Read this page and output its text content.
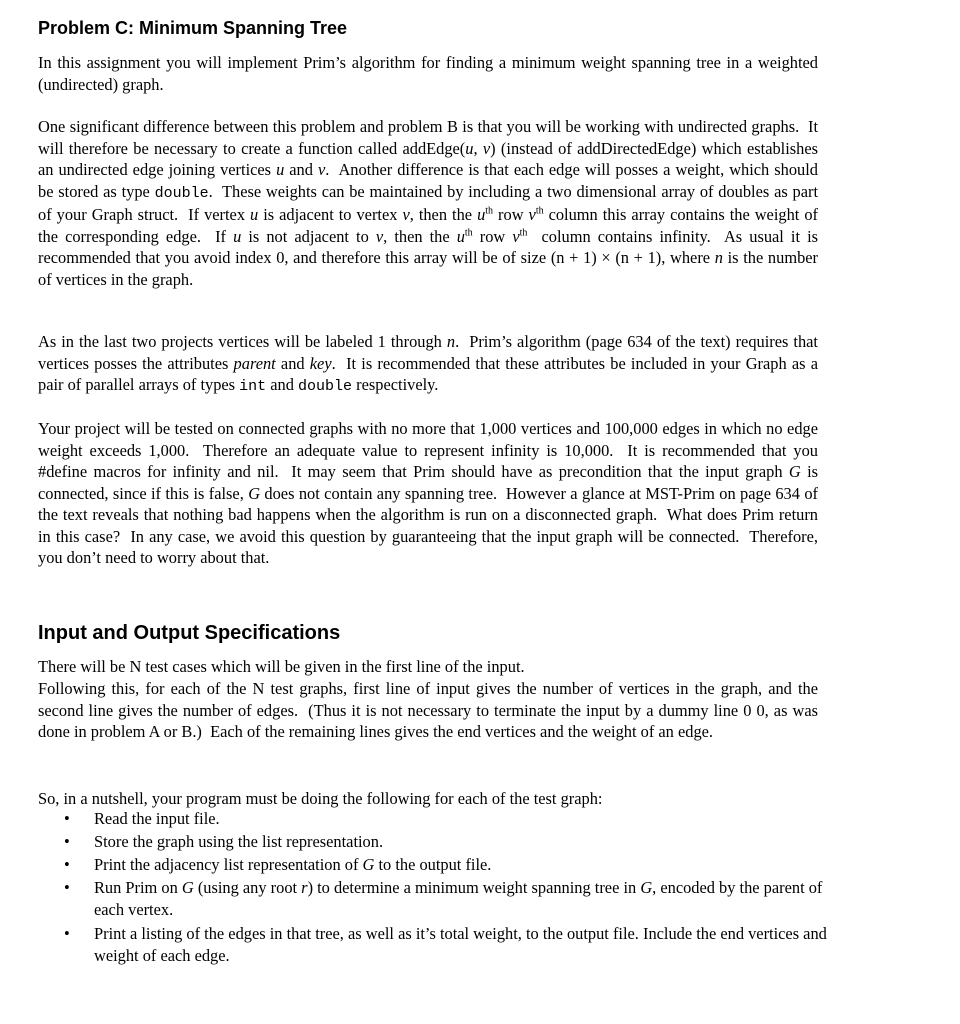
Problem C: Minimum Spanning Tree

In this assignment you will implement Prim’s algorithm for finding a minimum weight spanning tree in a weighted (undirected) graph.

One significant difference between this problem and problem B is that you will be working with undirected graphs.  It will therefore be necessary to create a function called addEdge(u, v) (instead of addDirectedEdge) which establishes an undirected edge joining vertices u and v.  Another difference is that each edge will posses a weight, which should be stored as type double.  These weights can be maintained by including a two dimensional array of doubles as part of your Graph struct.  If vertex u is adjacent to vertex v, then the $u^{th}$ row $v^{th}$ column this array contains the weight of the corresponding edge.  If u is not adjacent to v, then the $u^{th}$ row $v^{th}$  column contains infinity.  As usual it is recommended that you avoid index 0, and therefore this array will be of size (n + 1) × (n + 1), where n is the number of vertices in the graph.

As in the last two projects vertices will be labeled 1 through n.  Prim’s algorithm (page 634 of the text) requires that vertices posses the attributes parent and key.  It is recommended that these attributes be included in your Graph as a pair of parallel arrays of types int and double respectively.

Your project will be tested on connected graphs with no more that 1,000 vertices and 100,000 edges in which no edge weight exceeds 1,000.  Therefore an adequate value to represent infinity is 10,000.  It is recommended that you #define macros for infinity and nil.  It may seem that Prim should have as precondition that the input graph G is connected, since if this is false, G does not contain any spanning tree.  However a glance at MST-Prim on page 634 of the text reveals that nothing bad happens when the algorithm is run on a disconnected graph.  What does Prim return in this case?  In any case, we avoid this question by guaranteeing that the input graph will be connected.  Therefore, you don’t need to worry about that.

Input and Output Specifications

There will be N test cases which will be given in the first line of the input.

Following this, for each of the N test graphs, first line of input gives the number of vertices in the graph, and the second line gives the number of edges.  (Thus it is not necessary to terminate the input by a dummy line 0 0, as was done in problem A or B.)  Each of the remaining lines gives the end vertices and the weight of an edge.

So, in a nutshell, your program must be doing the following for each of the test graph:

• Read the input file.
• Store the graph using the list representation.
• Print the adjacency list representation of G to the output file.
• Run Prim on G (using any root r) to determine a minimum weight spanning tree in G, encoded by the parent of each vertex.
• Print a listing of the edges in that tree, as well as it’s total weight, to the output file. Include the end vertices and weight of each edge.
